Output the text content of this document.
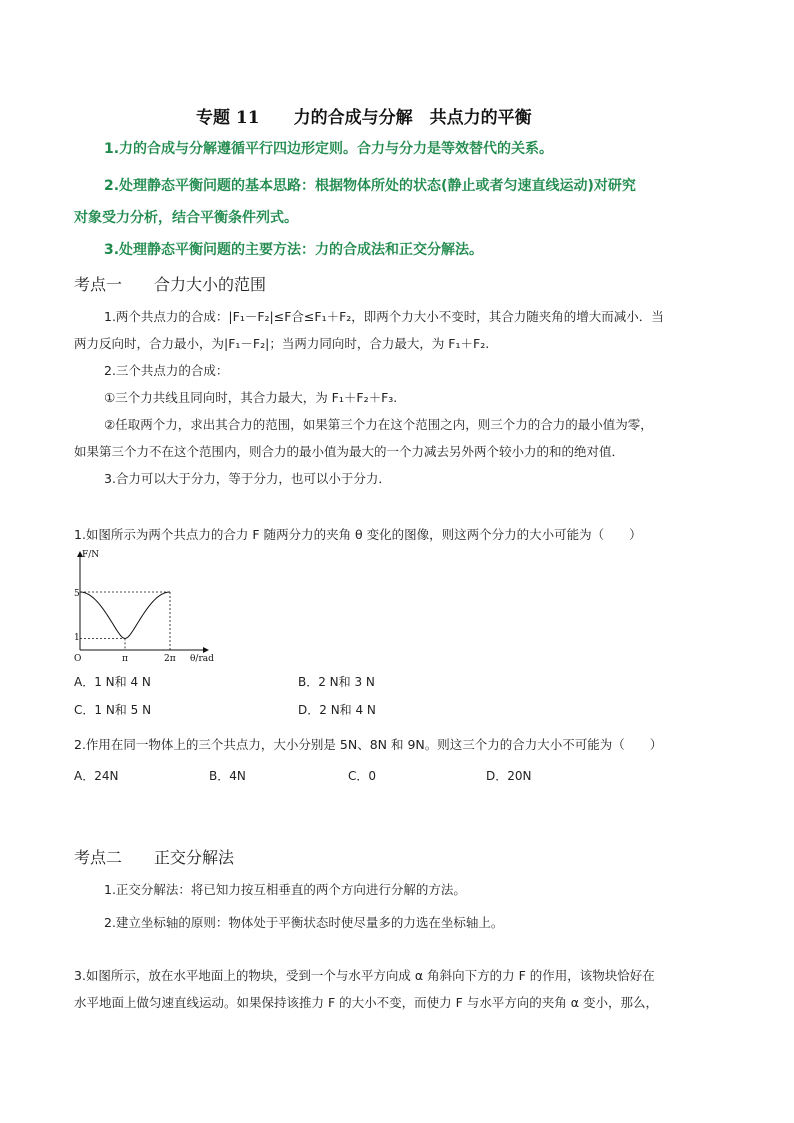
专题 11　　力的合成与分解　共点力的平衡
1.力的合成与分解遵循平行四边形定则。合力与分力是等效替代的关系。
2.处理静态平衡问题的基本思路：根据物体所处的状态(静止或者匀速直线运动)对研究
对象受力分析，结合平衡条件列式。
3.处理静态平衡问题的主要方法：力的合成法和正交分解法。
考点一　　合力大小的范围
1.两个共点力的合成：|F₁－F₂|≤F合≤F₁＋F₂，即两个力大小不变时，其合力随夹角的增大而减小．当
两力反向时，合力最小，为|F₁－F₂|；当两力同向时，合力最大，为 F₁＋F₂.
2.三个共点力的合成：
①三个力共线且同向时，其合力最大，为 F₁＋F₂＋F₃.
②任取两个力，求出其合力的范围，如果第三个力在这个范围之内，则三个力的合力的最小值为零，
如果第三个力不在这个范围内，则合力的最小值为最大的一个力减去另外两个较小力的和的绝对值．
3.合力可以大于分力，等于分力，也可以小于分力．
1.如图所示为两个共点力的合力 F 随两分力的夹角 θ 变化的图像，则这两个分力的大小可能为（　　）
F/N
θ/rad
O
5
1
π	2π
A．1 N和 4 N	B．2 N和 3 N
C．1 N和 5 N	D．2 N和 4 N
2.作用在同一物体上的三个共点力，大小分别是 5N、8N 和 9N。则这三个力的合力大小不可能为（　　）
A．24N	B．4N	C．0	D．20N
考点二　　正交分解法
1.正交分解法：将已知力按互相垂直的两个方向进行分解的方法。
2.建立坐标轴的原则：物体处于平衡状态时使尽量多的力选在坐标轴上。
3.如图所示，放在水平地面上的物块，受到一个与水平方向成 α 角斜向下方的力 F 的作用，该物块恰好在
水平地面上做匀速直线运动。如果保持该推力 F 的大小不变，而使力 F 与水平方向的夹角 α 变小，那么，
